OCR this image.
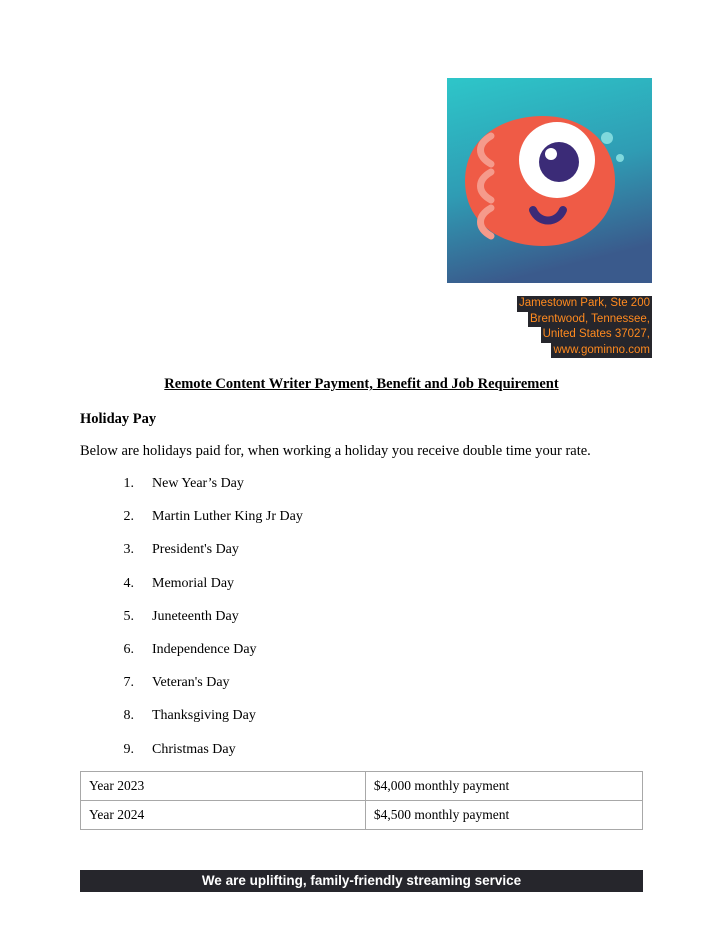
Jamestown Park, Ste 200
Brentwood, Tennessee,
United States 37027,
www.gominno.com
Remote Content Writer Payment, Benefit and Job Requirement
Holiday Pay
Below are holidays paid for, when working a holiday you receive double time your rate.
1. New Year’s Day
2. Martin Luther King Jr Day
3. President's Day
4. Memorial Day
5. Juneteenth Day
6. Independence Day
7. Veteran's Day
8. Thanksgiving Day
9. Christmas Day
Year 2023	$4,000 monthly payment
Year 2024	$4,500 monthly payment
We are uplifting, family-friendly streaming service
